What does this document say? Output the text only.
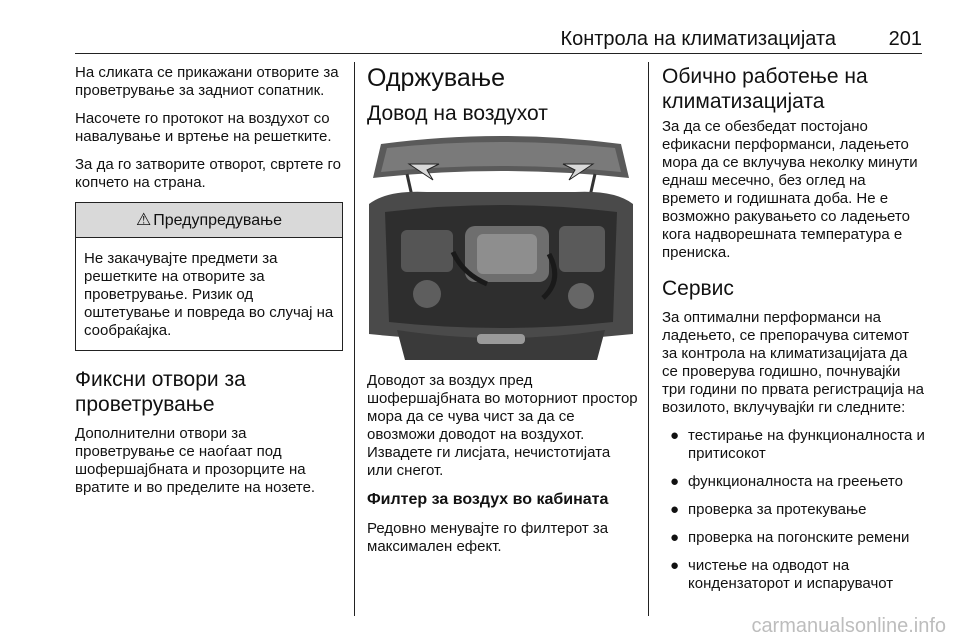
Контрола на климатизацијата	201

На сликата се прикажани отворите за проветрување за задниот сопатник.

Насочете го протокот на воздухот со навалување и вртење на решетките.

За да го затворите отворот, свртете го копчето на страна.

⚠ Предупредување
Не закачувајте предмети за решетките на отворите за проветрување. Ризик од оштетување и повреда во случај на сообраќајка.
Фиксни отвори за проветрување

Дополнителни отвори за проветрување се наоѓаат под шофершајбната и прозорците на вратите и во пределите на нозете.

Одржување
Довод на воздухот

Доводот за воздух пред шофершајбната во моторниот простор мора да се чува чист за да се овозможи доводот на воздухот. Извадете ги лисјата, нечистотијата или снегот.

Филтер за воздух во кабината

Редовно менувајте го филтерот за максимален ефект.

Обично работење на климатизацијата

За да се обезбедат постојано ефикасни перформанси, ладењето мора да се вклучува неколку минути еднаш месечно, без оглед на времето и годишната доба. Не е возможно ракувањето со ладењето кога надворешната температура е прениска.

Сервис

За оптимални перформанси на ладењето, се препорачува ситемот за контрола на климатизацијата да се проверува годишно, почнувајќи три години по првата регистрација на возилото, вклучувајќи ги следните:

● тестирање на функционалноста и притисокот
● функционалноста на греењето
● проверка за протекување
● проверка на погонските ремени
● чистење на одводот на кондензаторот и испарувачот
carmanualsonline.info
